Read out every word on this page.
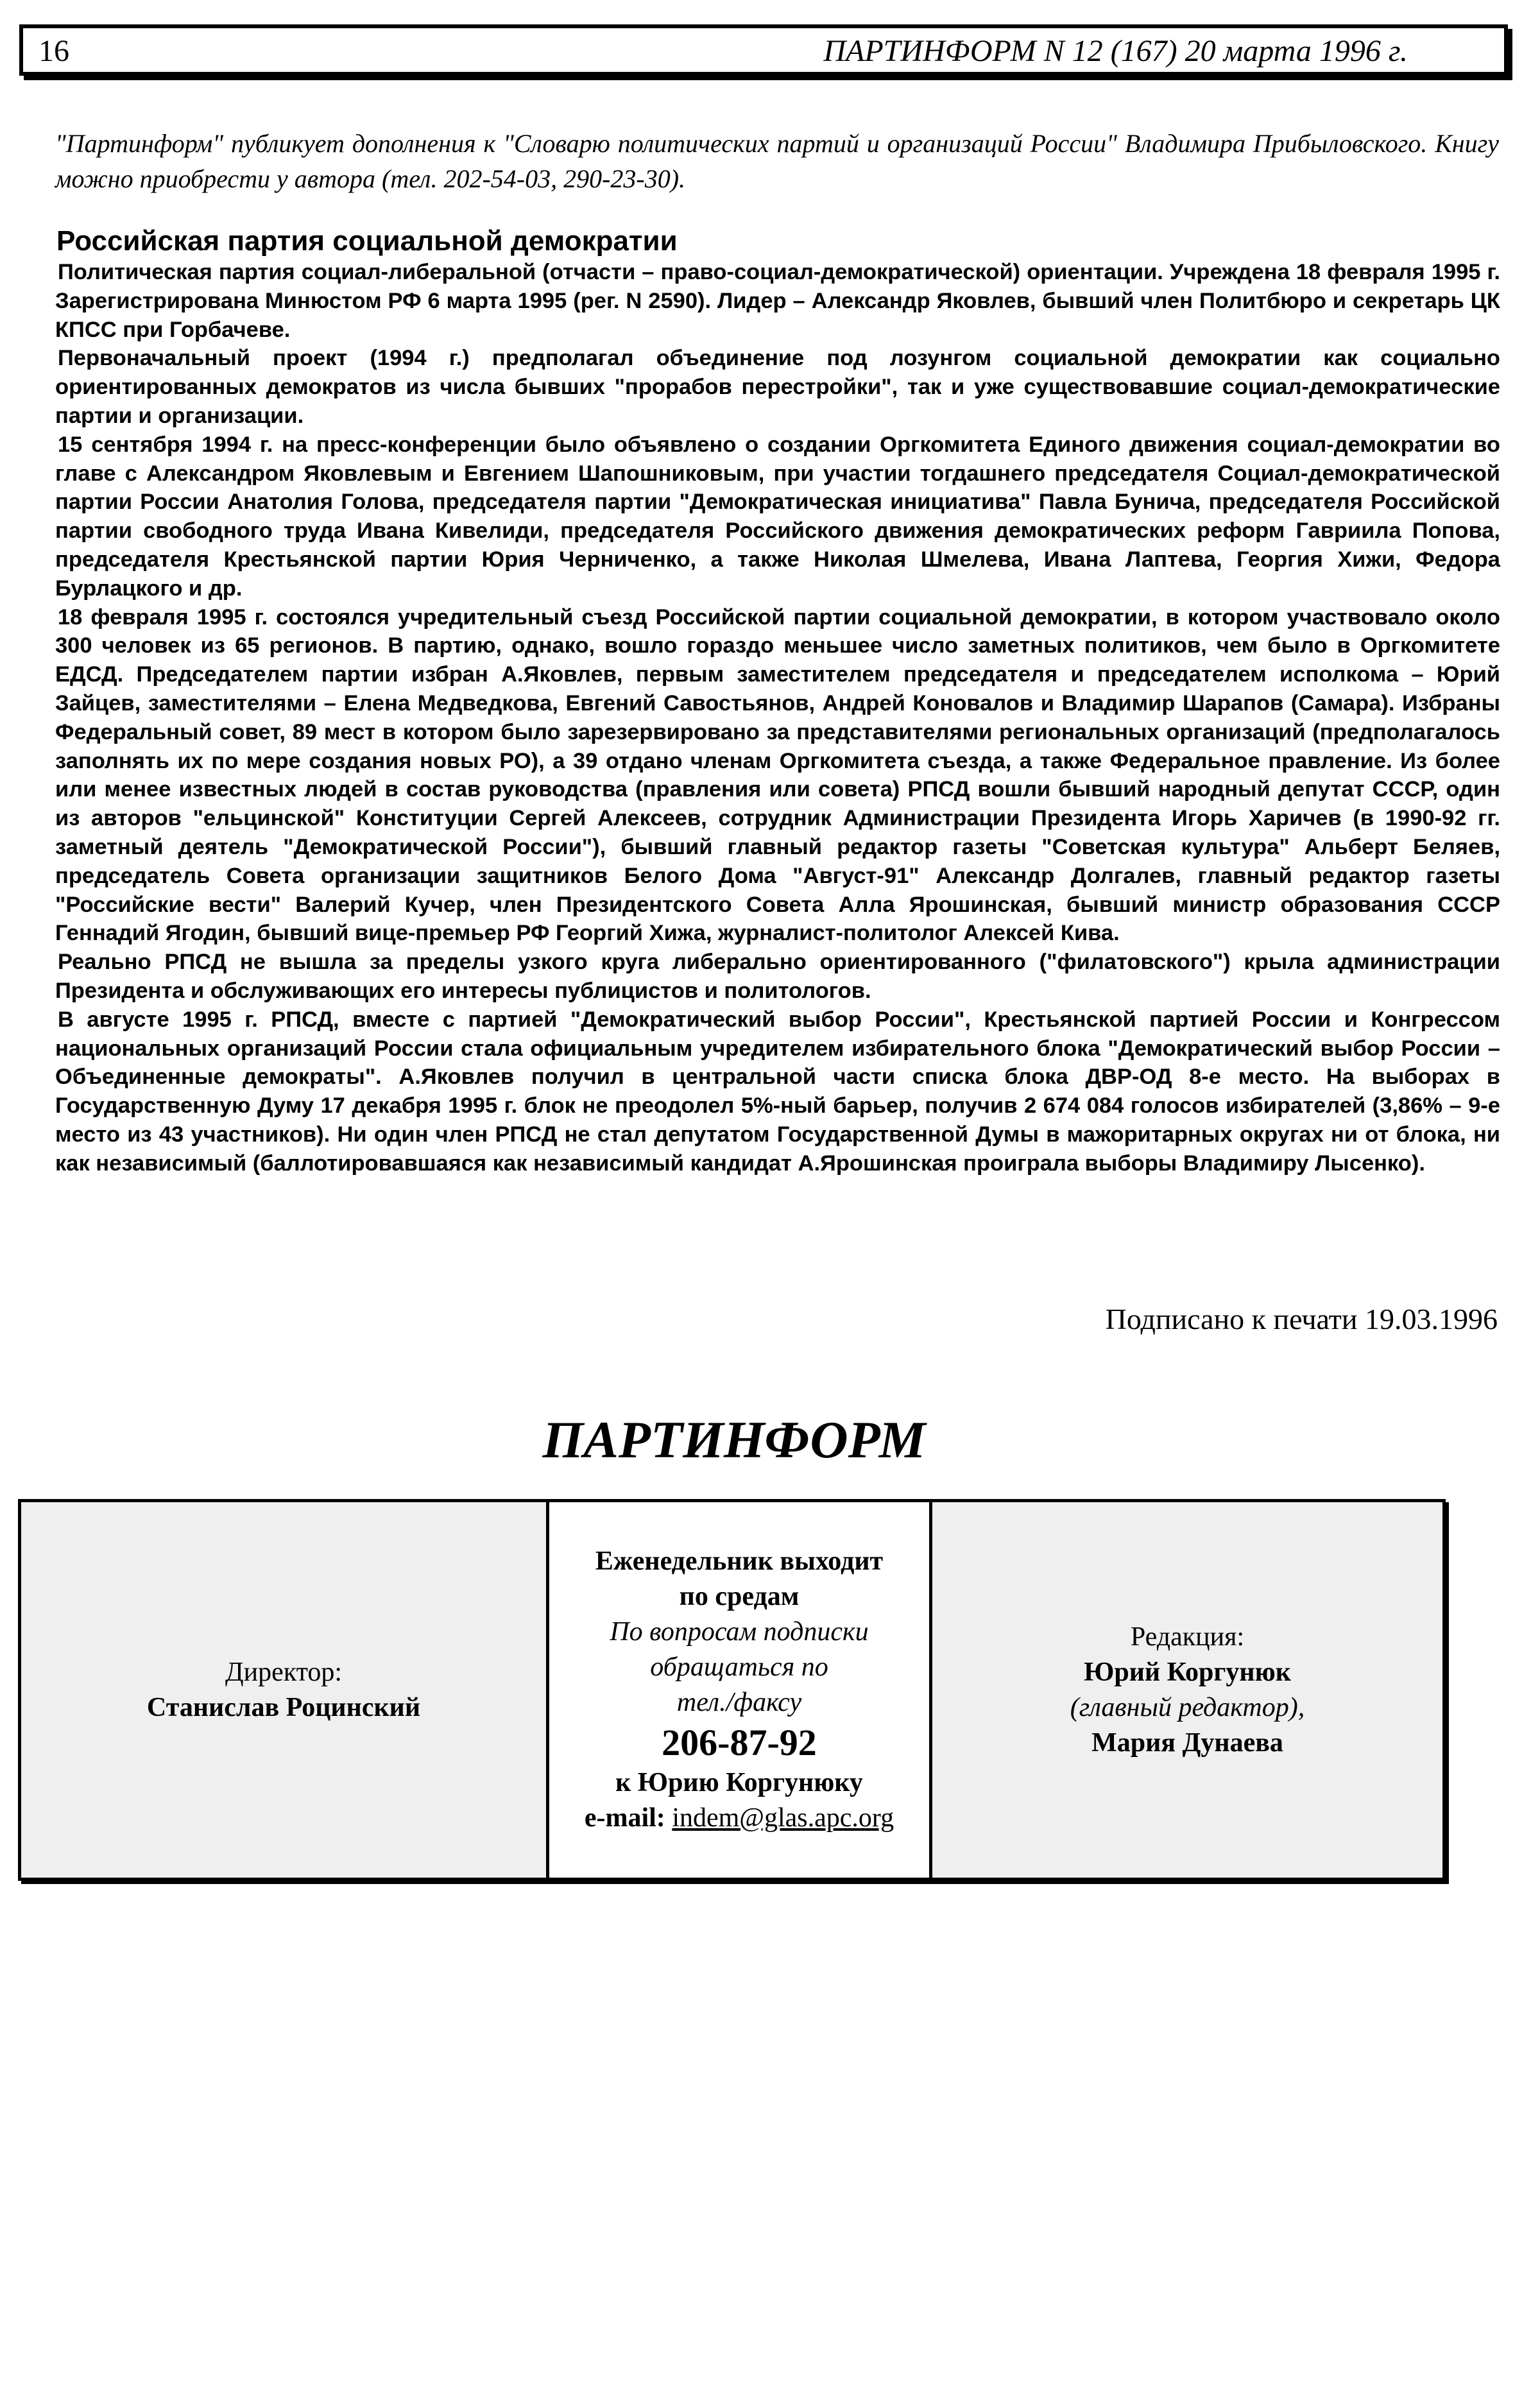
16	ПАРТИНФОРМ N 12 (167) 20 марта 1996 г.
"Партинформ" публикует дополнения к "Словарю политических партий и организаций России" Владимира Прибыловского. Книгу можно приобрести у автора (тел. 202-54-03, 290-23-30).
Российская партия социальной демократии

Политическая партия социал-либеральной (отчасти – право-социал-демократической) ориентации. Учреждена 18 февраля 1995 г. Зарегистрирована Минюстом РФ 6 марта 1995 (рег. N 2590). Лидер – Александр Яковлев, бывший член Политбюро и секретарь ЦК КПСС при Горбачеве.

Первоначальный проект (1994 г.) предполагал объединение под лозунгом социальной демократии как социально ориентированных демократов из числа бывших "прорабов перестройки", так и уже существовавшие социал-демократические партии и организации.

15 сентября 1994 г. на пресс-конференции было объявлено о создании Оргкомитета Единого движения социал-демократии во главе с Александром Яковлевым и Евгением Шапошниковым, при участии тогдашнего председателя Социал-демократической партии России Анатолия Голова, председателя партии "Демократическая инициатива" Павла Бунича, председателя Российской партии свободного труда Ивана Кивелиди, председателя Российского движения демократических реформ Гавриила Попова, председателя Крестьянской партии Юрия Черниченко, а также Николая Шмелева, Ивана Лаптева, Георгия Хижи, Федора Бурлацкого и др.

18 февраля 1995 г. состоялся учредительный съезд Российской партии социальной демократии, в котором участвовало около 300 человек из 65 регионов. В партию, однако, вошло гораздо меньшее число заметных политиков, чем было в Оргкомитете ЕДСД. Председателем партии избран А.Яковлев, первым заместителем председателя и председателем исполкома – Юрий Зайцев, заместителями – Елена Медведкова, Евгений Савостьянов, Андрей Коновалов и Владимир Шарапов (Самара). Избраны Федеральный совет, 89 мест в котором было зарезервировано за представителями региональных организаций (предполагалось заполнять их по мере создания новых РО), а 39 отдано членам Оргкомитета съезда, а также Федеральное правление. Из более или менее известных людей в состав руководства (правления или совета) РПСД вошли бывший народный депутат СССР, один из авторов "ельцинской" Конституции Сергей Алексеев, сотрудник Администрации Президента Игорь Харичев (в 1990-92 гг. заметный деятель "Демократической России"), бывший главный редактор газеты "Советская культура" Альберт Беляев, председатель Совета организации защитников Белого Дома "Август-91" Александр Долгалев, главный редактор газеты "Российские вести" Валерий Кучер, член Президентского Совета Алла Ярошинская, бывший министр образования СССР Геннадий Ягодин, бывший вице-премьер РФ Георгий Хижа, журналист-политолог Алексей Кива.

Реально РПСД не вышла за пределы узкого круга либерально ориентированного ("филатовского") крыла администрации Президента и обслуживающих его интересы публицистов и политологов.

В августе 1995 г. РПСД, вместе с партией "Демократический выбор России", Крестьянской партией России и Конгрессом национальных организаций России стала официальным учредителем избирательного блока "Демократический выбор России – Объединенные демократы". А.Яковлев получил в центральной части списка блока ДВР-ОД 8-е место. На выборах в Государственную Думу 17 декабря 1995 г. блок не преодолел 5%-ный барьер, получив 2 674 084 голосов избирателей (3,86% – 9-е место из 43 участников). Ни один член РПСД не стал депутатом Государственной Думы в мажоритарных округах ни от блока, ни как независимый (баллотировавшаяся как независимый кандидат А.Ярошинская проиграла выборы Владимиру Лысенко).

Подписано к печати 19.03.1996
ПАРТИНФОРМ
Директор:
Станислав Роцинский
Еженедельник выходит
по средам
По вопросам подписки
обращаться по
тел./факсу
206-87-92
к Юрию Коргунюку
e-mail: indem@glas.apc.org
Редакция:
Юрий Коргунюк
(главный редактор),
Мария Дунаева
